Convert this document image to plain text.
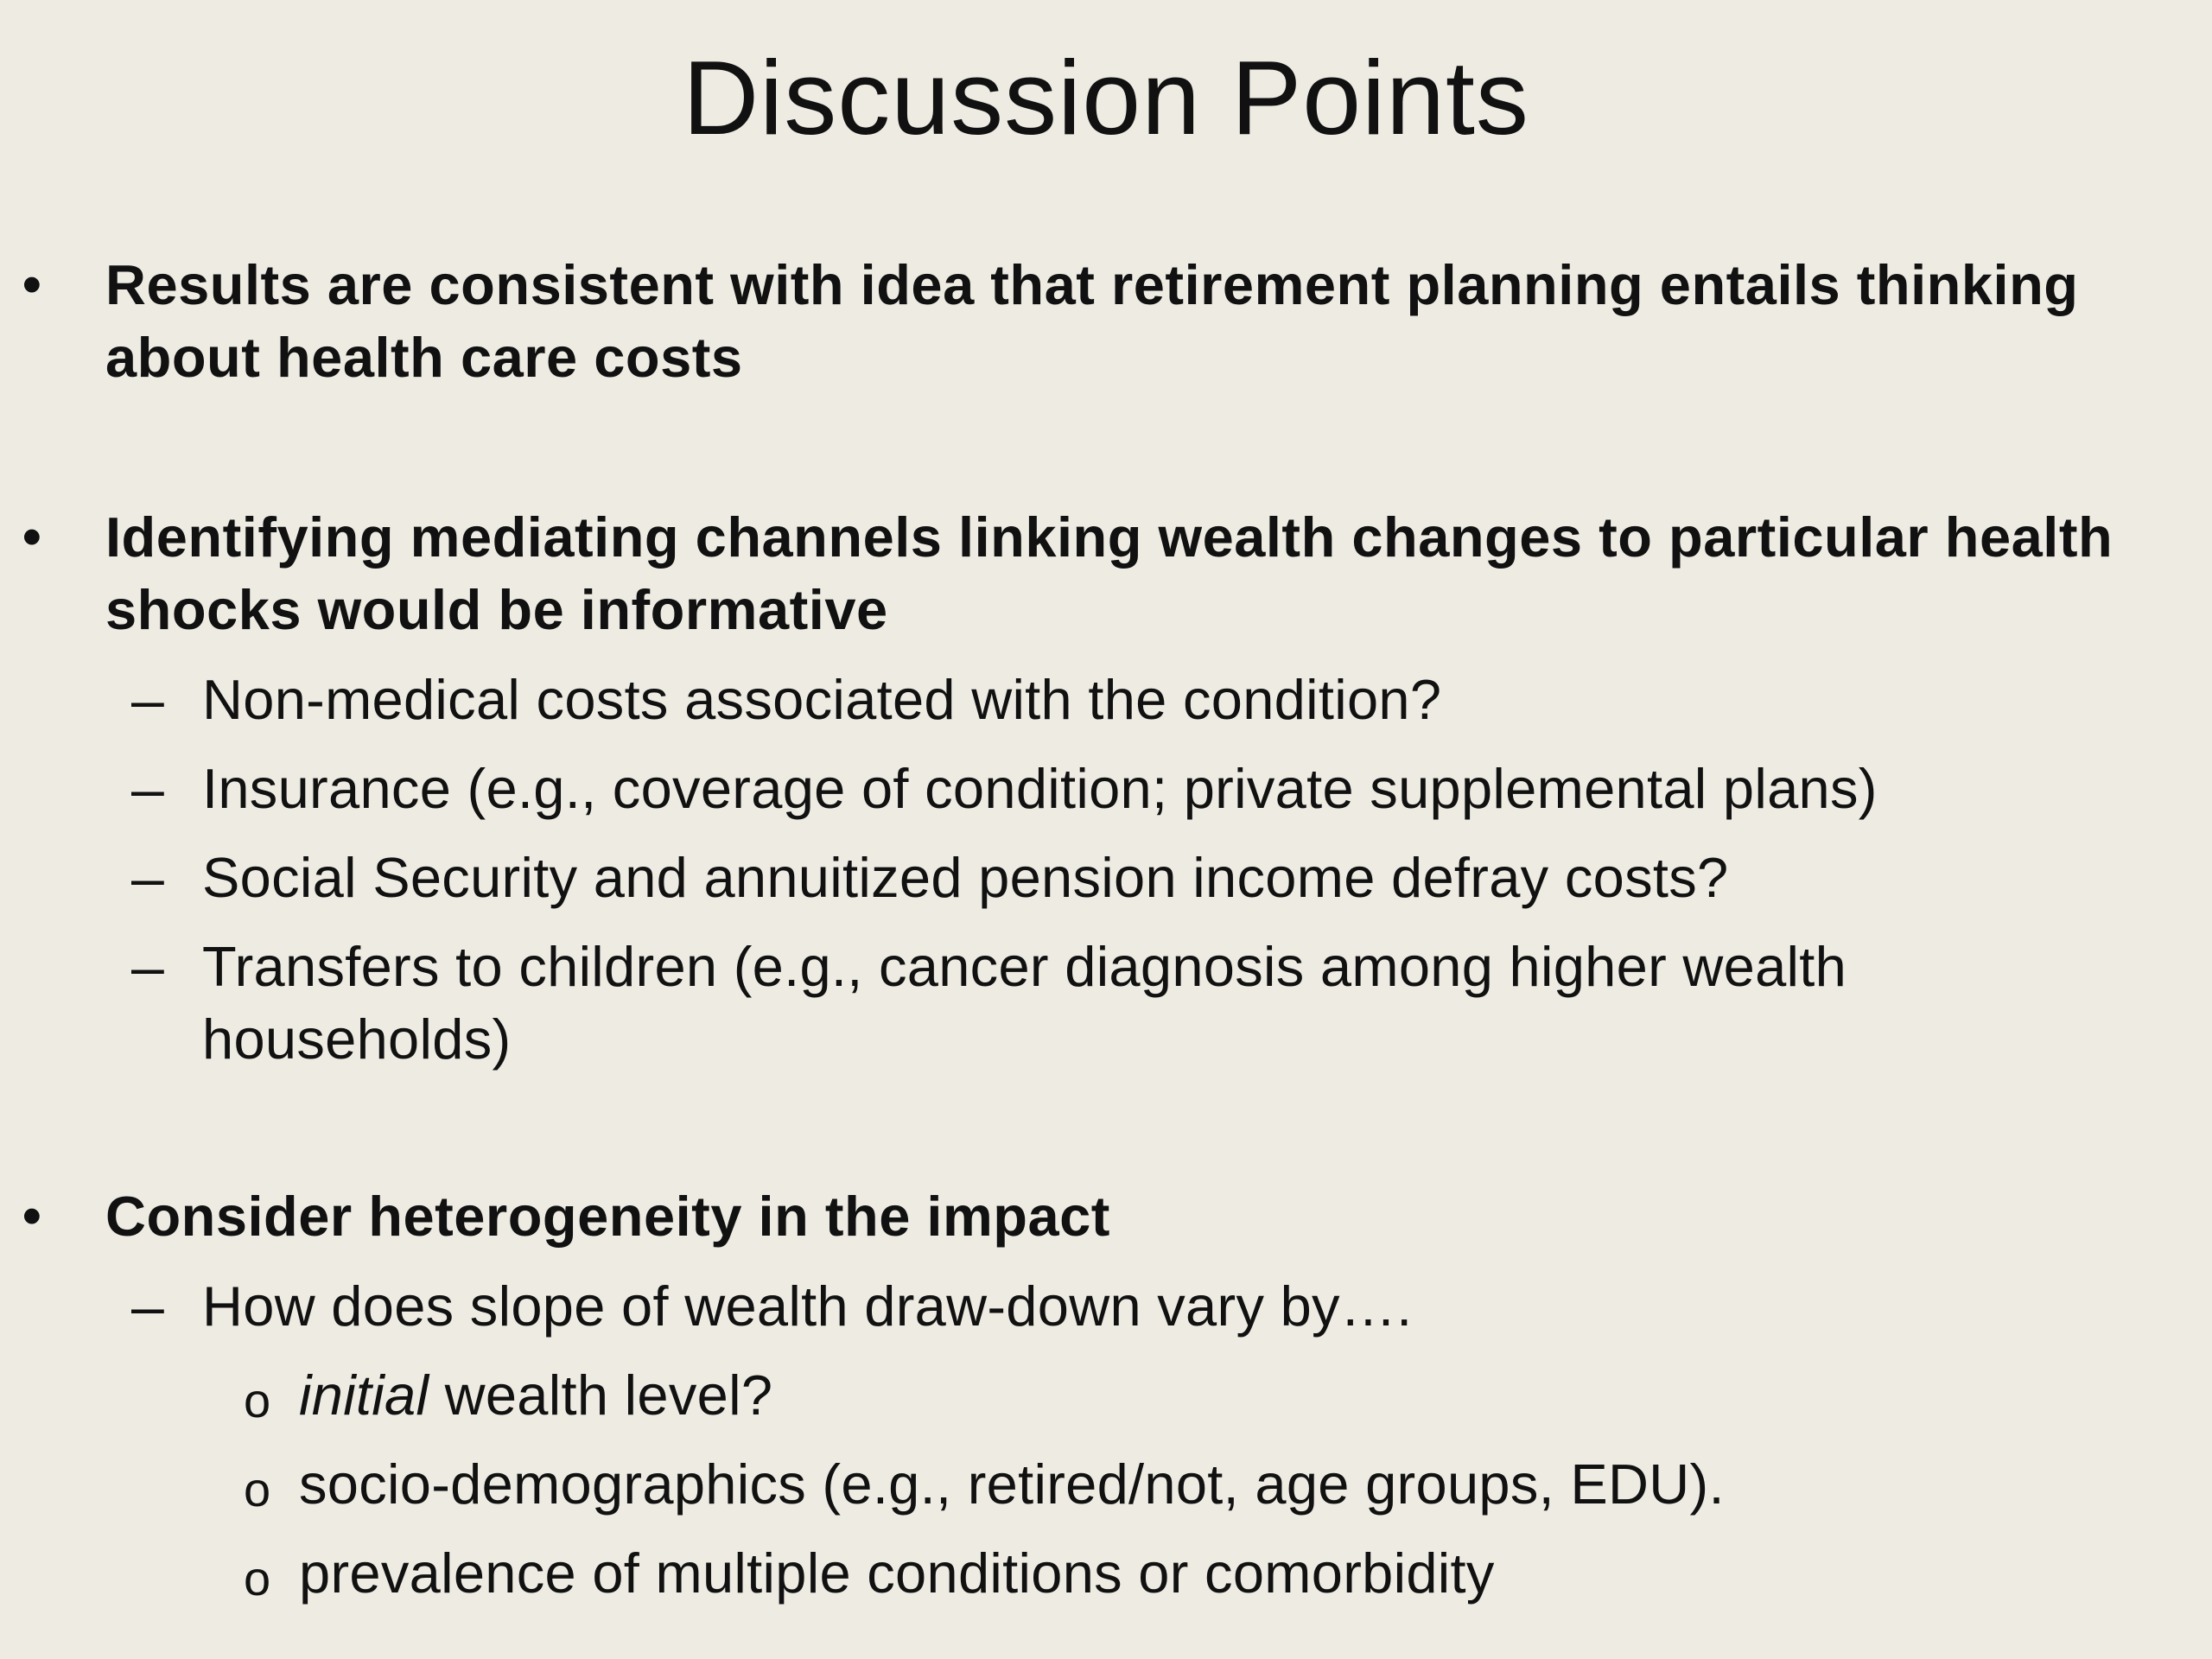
Discussion Points
• Results are consistent with idea that retirement planning entails thinking about health care costs
• Identifying mediating channels linking wealth changes to particular health shocks would be informative
– Non-medical costs associated with the condition?
– Insurance (e.g., coverage of condition; private supplemental plans)
– Social Security and annuitized pension income defray costs?
– Transfers to children (e.g., cancer diagnosis among higher wealth households)
• Consider heterogeneity in the impact
– How does slope of wealth draw-down vary by….
o initial wealth level?
o socio-demographics (e.g., retired/not, age groups, EDU).
o prevalence of multiple conditions or comorbidity
